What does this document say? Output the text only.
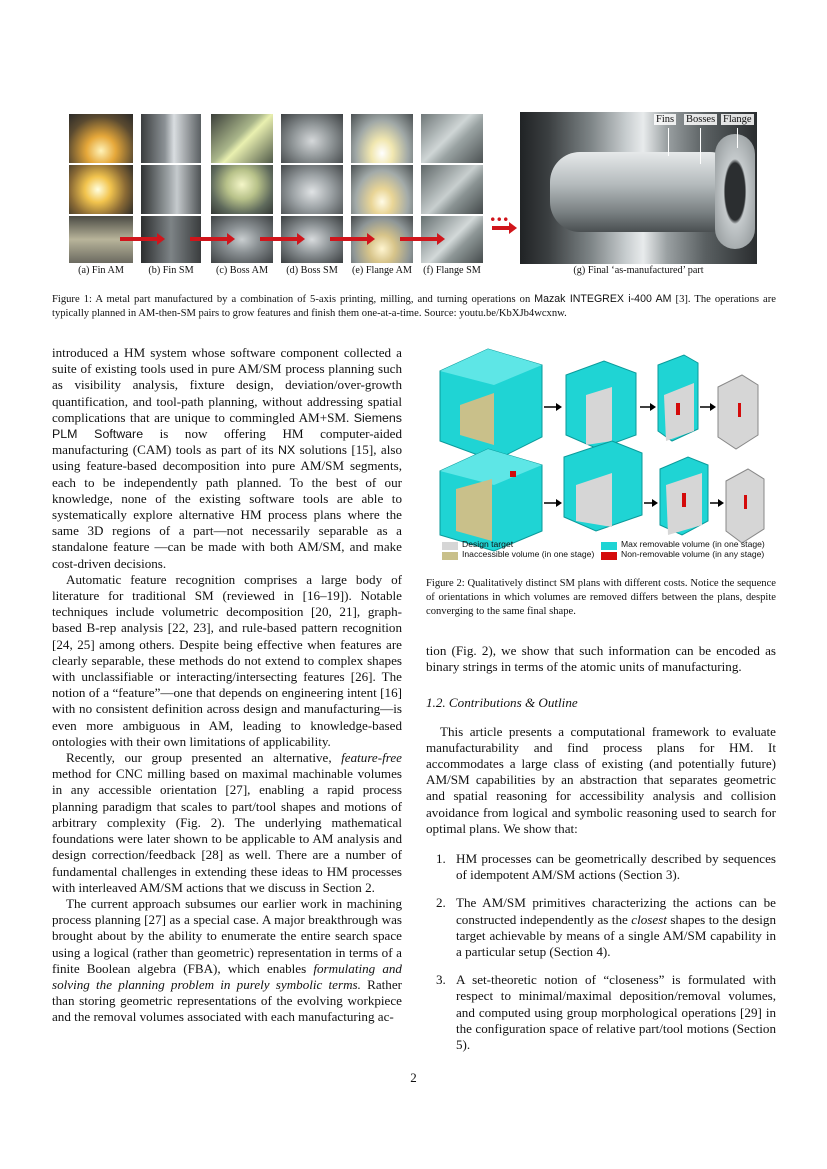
...
Fins Bosses Flange
(a) Fin AM	(b) Fin SM	(c) Boss AM	(d) Boss SM	(e) Flange AM	(f) Flange SM	(g) Final ‘as-manufactured’ part
Figure 1: A metal part manufactured by a combination of 5-axis printing, milling, and turning operations on Mazak INTEGREX i-400 AM [3]. The operations are typically planned in AM-then-SM pairs to grow features and finish them one-at-a-time. Source: youtu.be/KbXJb4wcxnw.
Design target
Inaccessible volume (in one stage)
Max removable volume (in one stage)
Non-removable volume (in any stage)
Figure 2: Qualitatively distinct SM plans with different costs. Notice the sequence of orientations in which volumes are removed differs between the plans, despite converging to the same final shape.

introduced a HM system whose software component collected a suite of existing tools used in pure AM/SM process planning such as visibility analysis, fixture design, deviation/over-growth quantification, and tool-path planning, without addressing spatial complications that are unique to commingled AM+SM. Siemens PLM Software is now offering HM computer-aided manufacturing (CAM) tools as part of its NX solutions [15], also using feature-based decomposition into pure AM/SM segments, each to be independently path planned. To the best of our knowledge, none of the existing software tools are able to systematically explore alternative HM process plans where the same 3D regions of a part—not necessarily separable as a standalone feature —can be made with both AM/SM, and make cost-driven decisions.

Automatic feature recognition comprises a large body of literature for traditional SM (reviewed in [16–19]). Notable techniques include volumetric decomposition [20, 21], graph-based B-rep analysis [22, 23], and rule-based pattern recognition [24, 25] among others. Despite being effective when features are clearly separable, these methods do not extend to complex shapes with unclassifiable or interacting/intersecting features [26]. The notion of a “feature”—one that depends on engineering intent [16] with no consistent definition across design and manufacturing—is even more ambiguous in AM, leading to knowledge-based ontologies with their own limitations of applicability.

Recently, our group presented an alternative, feature-free method for CNC milling based on maximal machinable volumes in any accessible orientation [27], enabling a rapid process planning paradigm that scales to part/tool shapes and motions of arbitrary complexity (Fig. 2). The underlying mathematical foundations were later shown to be applicable to AM analysis and design correction/feedback [28] as well. There are a number of fundamental challenges in extending these ideas to HM processes with interleaved AM/SM actions that we discuss in Section 2.

The current approach subsumes our earlier work in machining process planning [27] as a special case. A major breakthrough was brought about by the ability to enumerate the entire search space using a logical (rather than geometric) representation in terms of a finite Boolean algebra (FBA), which enables formulating and solving the planning problem in purely symbolic terms. Rather than storing geometric representations of the evolving workpiece and the removal volumes associated with each manufacturing ac-

tion (Fig. 2), we show that such information can be encoded as binary strings in terms of the atomic units of manufacturing.

1.2. Contributions & Outline

This article presents a computational framework to evaluate manufacturability and find process plans for HM. It accommodates a large class of existing (and potentially future) AM/SM capabilities by an abstraction that separates geometric and spatial reasoning for accessibility analysis and collision avoidance from logical and symbolic reasoning used to search for optimal plans. We show that:

1. HM processes can be geometrically described by sequences of idempotent AM/SM actions (Section 3).
2. The AM/SM primitives characterizing the actions can be constructed independently as the closest shapes to the design target achievable by means of a single AM/SM capability in a particular setup (Section 4).
3. A set-theoretic notion of “closeness” is formulated with respect to minimal/maximal deposition/removal volumes, and computed using group morphological operations [29] in the configuration space of relative part/tool motions (Section 5).
2
